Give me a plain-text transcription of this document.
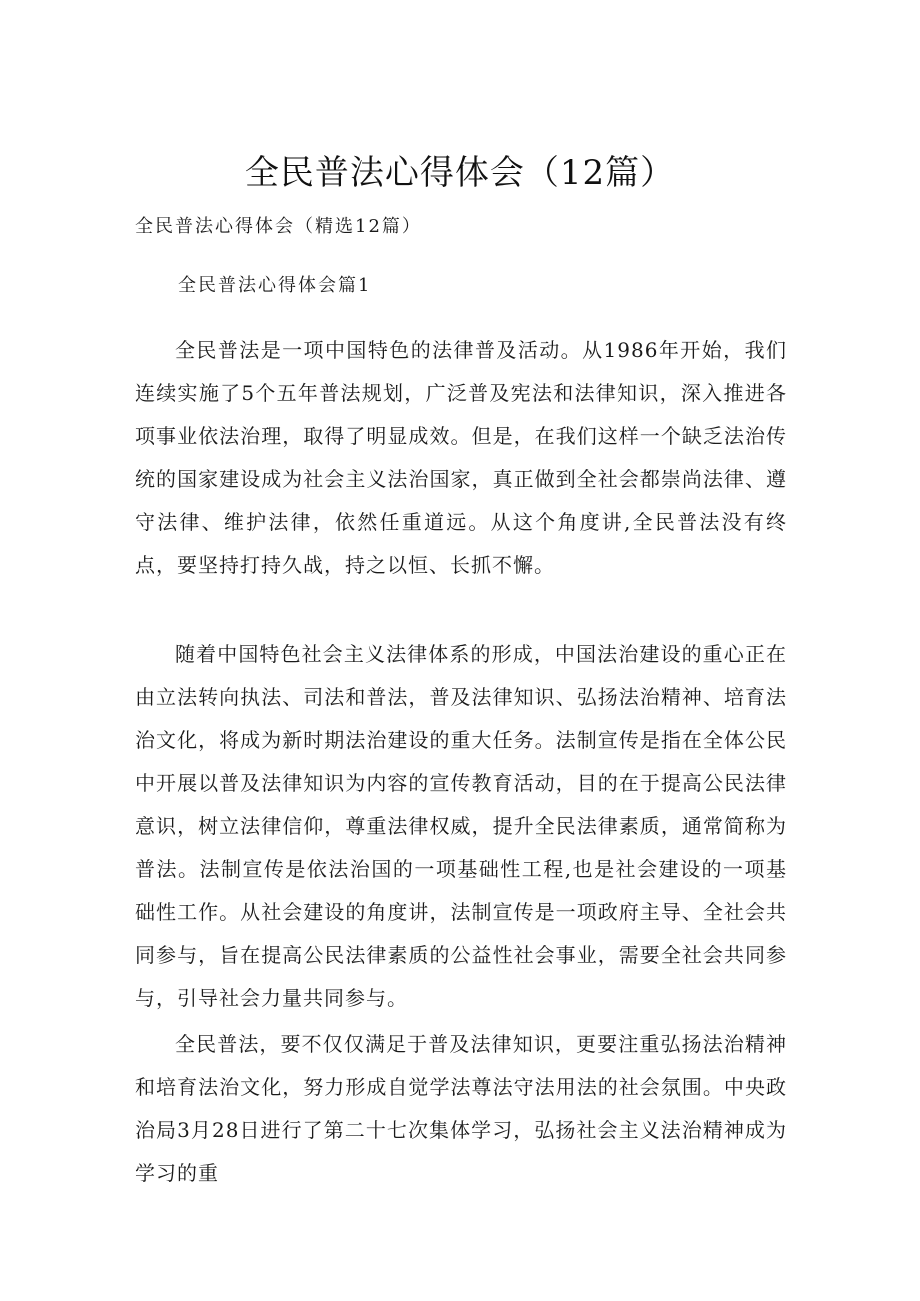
全民普法心得体会（12篇）
全民普法心得体会（精选12篇）
全民普法心得体会篇1

全民普法是一项中国特色的法律普及活动。从1986年开始，我们连续实施了5个五年普法规划，广泛普及宪法和法律知识，深入推进各项事业依法治理，取得了明显成效。但是，在我们这样一个缺乏法治传统的国家建设成为社会主义法治国家，真正做到全社会都崇尚法律、遵守法律、维护法律，依然任重道远。从这个角度讲,全民普法没有终点，要坚持打持久战，持之以恒、长抓不懈。

随着中国特色社会主义法律体系的形成，中国法治建设的重心正在由立法转向执法、司法和普法，普及法律知识、弘扬法治精神、培育法治文化，将成为新时期法治建设的重大任务。法制宣传是指在全体公民中开展以普及法律知识为内容的宣传教育活动，目的在于提高公民法律意识，树立法律信仰，尊重法律权威，提升全民法律素质，通常简称为普法。法制宣传是依法治国的一项基础性工程,也是社会建设的一项基础性工作。从社会建设的角度讲，法制宣传是一项政府主导、全社会共同参与，旨在提高公民法律素质的公益性社会事业，需要全社会共同参与，引导社会力量共同参与。

全民普法，要不仅仅满足于普及法律知识，更要注重弘扬法治精神和培育法治文化，努力形成自觉学法尊法守法用法的社会氛围。中央政治局3月28日进行了第二十七次集体学习，弘扬社会主义法治精神成为学习的重
